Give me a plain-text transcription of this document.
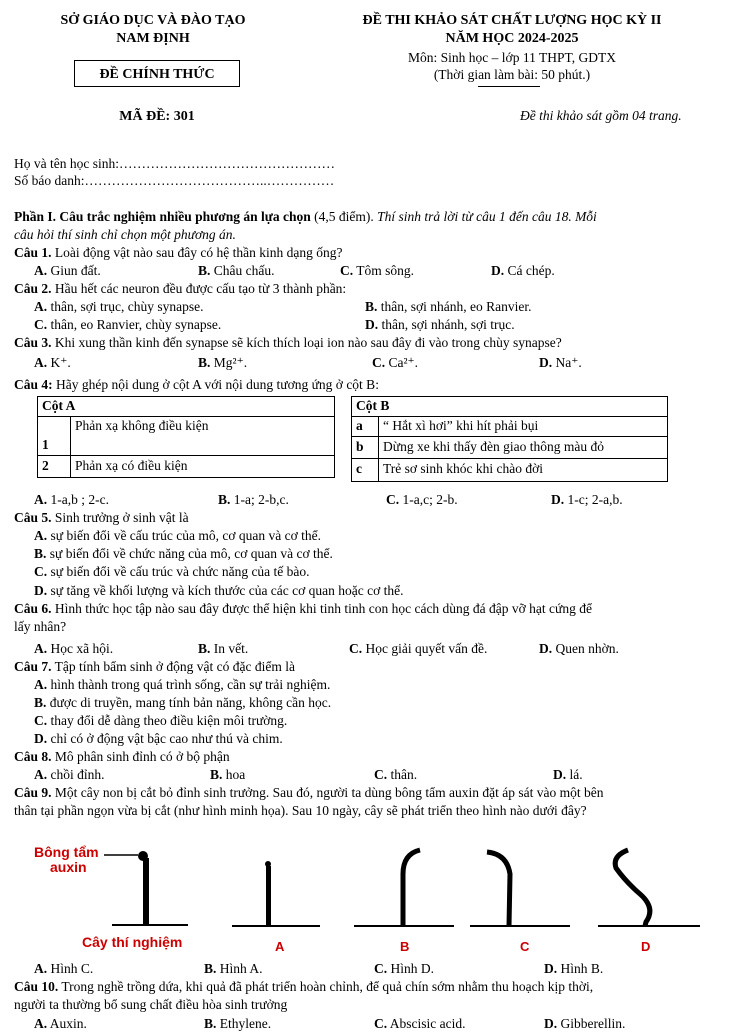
SỞ GIÁO DỤC VÀ ĐÀO TẠO
NAM ĐỊNH
ĐỀ CHÍNH THỨC
MÃ ĐỀ: 301
ĐỀ THI KHẢO SÁT CHẤT LƯỢNG HỌC KỲ II
NĂM HỌC 2024-2025
Môn: Sinh học – lớp 11 THPT, GDTX
(Thời gian làm bài: 50 phút.)
Đề thi khảo sát gồm 04 trang.
Họ và tên học sinh:…………………………………………
Số báo danh:…………………………………..……………
Phần I. Câu trắc nghiệm nhiều phương án lựa chọn (4,5 điểm). Thí sinh trả lời từ câu 1 đến câu 18. Mỗi
câu hỏi thí sinh chỉ chọn một phương án.
Câu 1. Loài động vật nào sau đây có hệ thần kinh dạng ống?
A. Giun đất.	B. Châu chấu.	C. Tôm sông.	D. Cá chép.
Câu 2. Hầu hết các neuron đều được cấu tạo từ 3 thành phần:
A. thân, sợi trục, chùy synapse.	B. thân, sợi nhánh, eo Ranvier.
C. thân, eo Ranvier, chùy synapse.	D. thân, sợi nhánh, sợi trục.
Câu 3. Khi xung thần kinh đến synapse sẽ kích thích loại ion nào sau đây đi vào trong chùy synapse?
A. K⁺.	B. Mg²⁺.	C. Ca²⁺.	D. Na⁺.
Câu 4: Hãy ghép nội dung ở cột A với nội dung tương ứng ở cột B:
Cột A	
1	Phản xạ không điều kiện
2	Phản xạ có điều kiện
Cột B	
a	“ Hắt xì hơi” khi hít phải bụi
b	Dừng xe khi thấy đèn giao thông màu đỏ
c	Trẻ sơ sinh khóc khi chào đời
A. 1-a,b ; 2-c.	B. 1-a; 2-b,c.	C. 1-a,c; 2-b.	D. 1-c; 2-a,b.
Câu 5. Sinh trưởng ở sinh vật là
A. sự biến đổi về cấu trúc của mô, cơ quan và cơ thể.
B. sự biến đổi về chức năng của mô, cơ quan và cơ thể.
C. sự biến đổi về cấu trúc và chức năng của tế bào.
D. sự tăng về khối lượng và kích thước của các cơ quan hoặc cơ thể.
Câu 6. Hình thức học tập nào sau đây được thể hiện khi tinh tinh con học cách dùng đá đập vỡ hạt cứng để
lấy nhân?
A. Học xã hội.	B. In vết.	C. Học giải quyết vấn đề.	D. Quen nhờn.
Câu 7. Tập tính bẩm sinh ở động vật có đặc điểm là
A. hình thành trong quá trình sống, cần sự trải nghiệm.
B. được di truyền, mang tính bản năng, không cần học.
C. thay đổi dễ dàng theo điều kiện môi trường.
D. chỉ có ở động vật bậc cao như thú và chim.
Câu 8. Mô phân sinh đỉnh có ở bộ phận
A. chồi đỉnh.	B. hoa	C. thân.	D. lá.
Câu 9. Một cây non bị cắt bỏ đỉnh sinh trưởng. Sau đó, người ta dùng bông tẩm auxin đặt áp sát vào một bên
thân tại phần ngọn vừa bị cắt (như hình minh họa). Sau 10 ngày, cây sẽ phát triển theo hình nào dưới đây?
Bông tẩm
auxin
Cây thí nghiệm	A	B	C	D
A. Hình C.	B. Hình A.	C. Hình D.	D. Hình B.
Câu 10. Trong nghề trồng dứa, khi quả đã phát triển hoàn chỉnh, để quả chín sớm nhằm thu hoạch kịp thời,
người ta thường bổ sung chất điều hòa sinh trưởng
A. Auxin.	B. Ethylene.	C. Abscisic acid.	D. Gibberellin.
